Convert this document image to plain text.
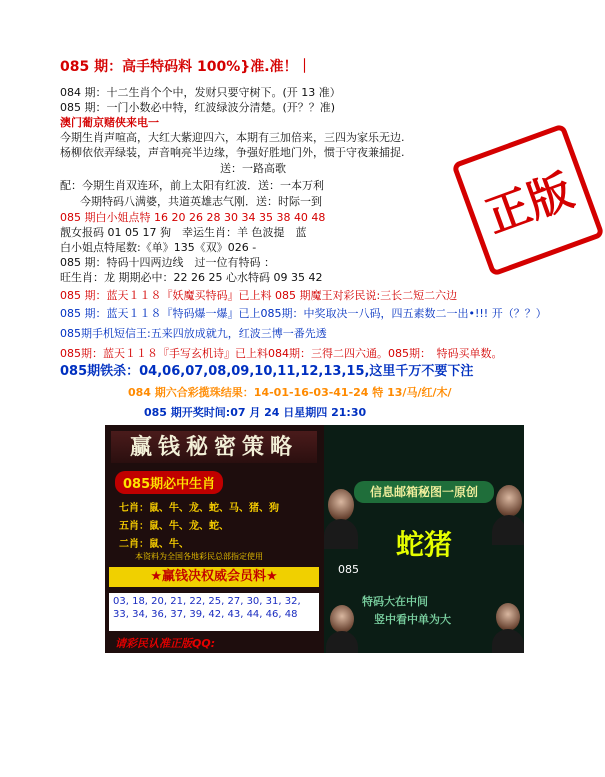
085 期：高手特码料 100%}准.准！｜
084 期：十二生肖个个中，发财只要守树下。(开 13 准）
085 期：一门小数必中特，红波绿波分清楚。(开？？准)
澳门葡京赌侠来电一
今期生肖声喧高，大红大紫迎四六，本期有三加倍来，三四为家乐无边.
杨柳依依弄绿装，声音响亮半边缘，争强好胜地门外，惯于守夜兼捕捉.
送：一路高歌
配：今期生肖双连环，前上太阳有红波．送：一本万利
今期特码八满婆，共道英雄志气刚．送：时际一到
085 期白小姐点特 16 20 26 28 30 34 35 38 40 48
靓女报码 01 05 17 狗　幸运生肖：羊 色波提　蓝
白小姐点特尾数:《单》135《双》026 -
085 期：特码十四两边线　过一位有特码 ：
旺生肖：龙 期期必中：22 26 25 心水特码 09 35 42
085 期：蓝天１１８『妖魔买特码』已上料 085 期魔王对彩民说:三长二短二六边
085 期：蓝天１１８『特码爆一爆』已上085期：中奖取决一八码，四五素数二一出•!!! 开（？？）
085期手机短信王:五来四放成就九，红波三博一番先透
085期：蓝天１１８『手写玄机诗』已上料084期：三得二四六通。085期：　特码买单数。
085期铁杀：04,06,07,08,09,10,11,12,13,15,这里千万不要下注
084 期六合彩揽珠结果：14-01-16-03-41-24 特 13/马/红/木/
085 期开奖时间:07 月 24 日星期四 21:30
正版
赢钱秘密策略
085期必中生肖
七肖：鼠、牛、龙、蛇、马、猪、狗
五肖：鼠、牛、龙、蛇、
二肖：鼠、牛、
本资料为全国各地彩民总部指定使用
★赢钱决权威会员料★
03, 18, 20, 21, 22, 25, 27, 30, 31, 32, 33, 34, 36, 37, 39, 42, 43, 44, 46, 48
请彩民认准正版QQ:
信息邮箱秘图一原创
蛇猪
085
特码大在中间
竖中看中单为大
